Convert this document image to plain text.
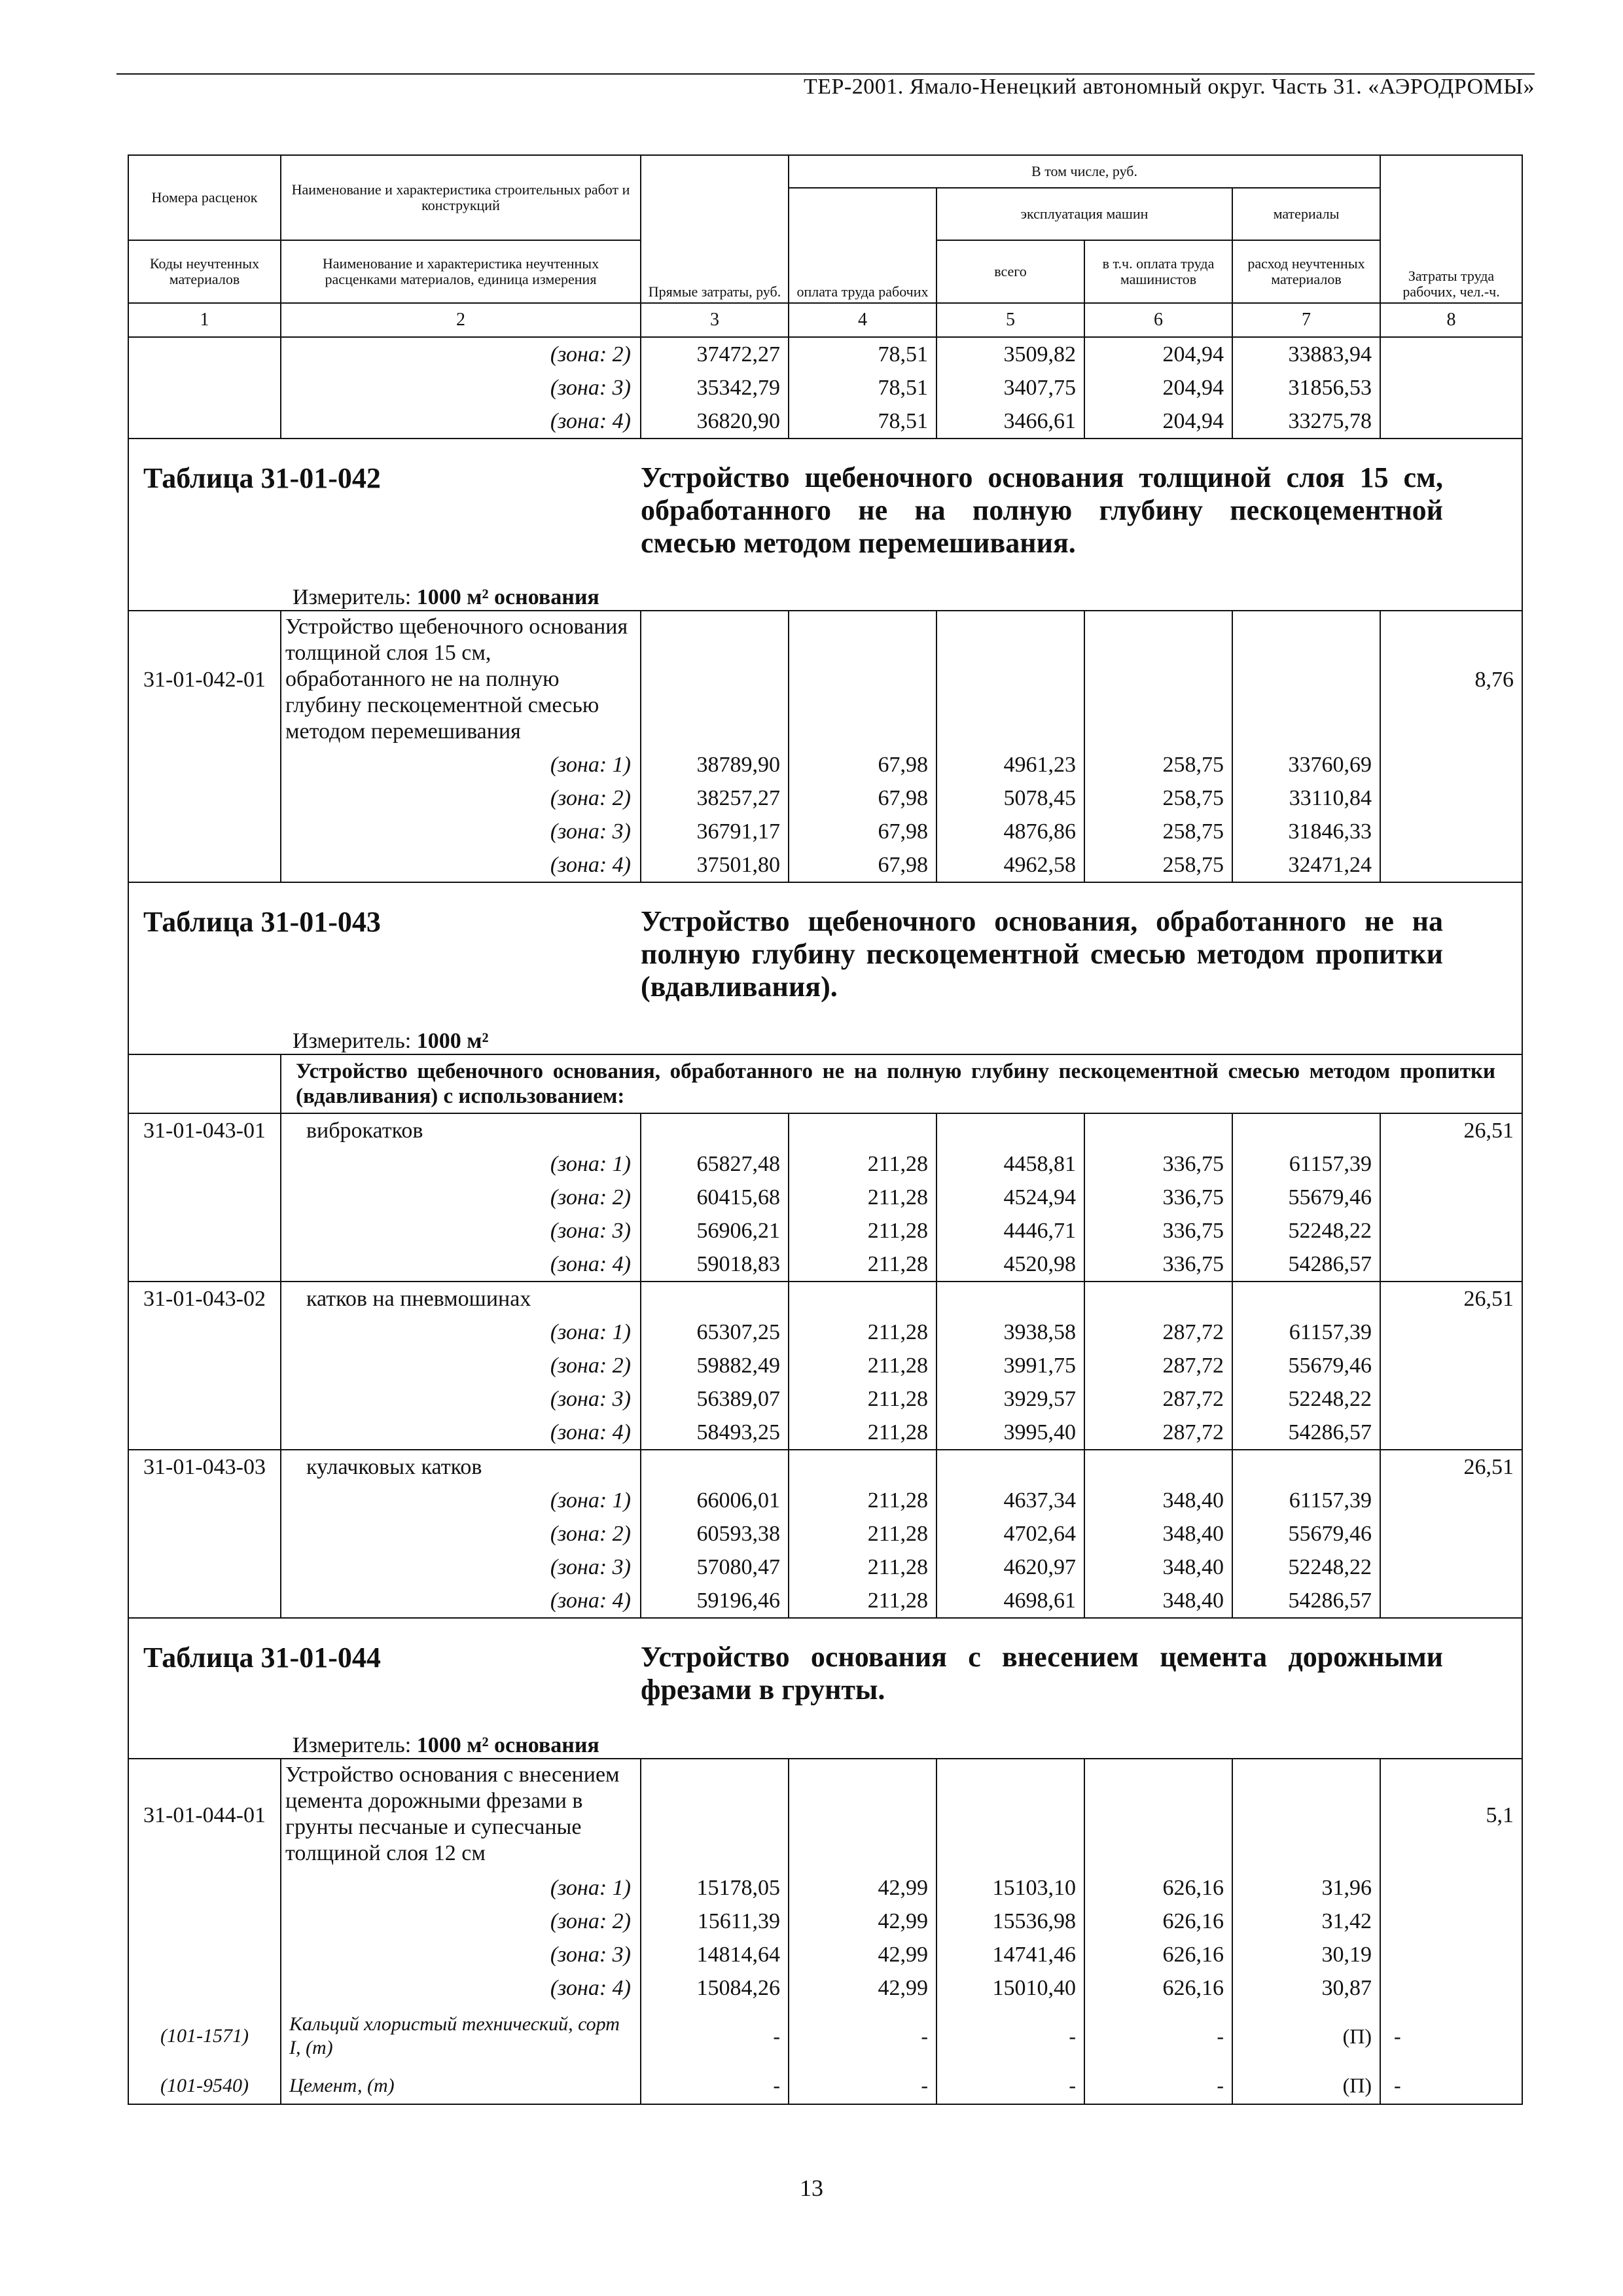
ТЕР-2001. Ямало-Ненецкий автономный округ. Часть 31. «АЭРОДРОМЫ»
Номера расценок	Наименование и характеристика строительных работ и конструкций	Прямые затраты, руб.	В том числе, руб.				Затраты труда рабочих, чел.-ч.
			оплата труда рабочих	эксплуатация машин		материалы	
Коды неучтенных материалов	Наименование и характеристика неучтенных расценками материалов, единица измерения			всего	в т.ч. оплата труда машинистов	расход неучтенных материалов	
1	2	3	4	5	6	7	8
	(зона: 2)	37472,27	78,51	3509,82	204,94	33883,94	
	(зона: 3)	35342,79	78,51	3407,75	204,94	31856,53	
	(зона: 4)	36820,90	78,51	3466,61	204,94	33275,78	
Таблица 31-01-042
Измеритель: 1000 м² основания		Устройство щебеночного основания толщиной слоя 15 см, обработанного не на полную глубину пескоцементной смесью методом перемешивания.					
31-01-042-01	Устройство щебеночного основания толщиной слоя 15 см, обработанного не на полную глубину пескоцементной смесью методом перемешивания						8,76
	(зона: 1)	38789,90	67,98	4961,23	258,75	33760,69	
	(зона: 2)	38257,27	67,98	5078,45	258,75	33110,84	
	(зона: 3)	36791,17	67,98	4876,86	258,75	31846,33	
	(зона: 4)	37501,80	67,98	4962,58	258,75	32471,24	
Таблица 31-01-043
Измеритель: 1000 м²		Устройство щебеночного основания, обработанного не на полную глубину пескоцементной смесью методом пропитки (вдавливания).					
	Устройство щебеночного основания, обработанного не на полную глубину пескоцементной смесью методом пропитки (вдавливания) с использованием:						
31-01-043-01	виброкатков						26,51
	(зона: 1)	65827,48	211,28	4458,81	336,75	61157,39	
	(зона: 2)	60415,68	211,28	4524,94	336,75	55679,46	
	(зона: 3)	56906,21	211,28	4446,71	336,75	52248,22	
	(зона: 4)	59018,83	211,28	4520,98	336,75	54286,57	
31-01-043-02	катков на пневмошинах						26,51
	(зона: 1)	65307,25	211,28	3938,58	287,72	61157,39	
	(зона: 2)	59882,49	211,28	3991,75	287,72	55679,46	
	(зона: 3)	56389,07	211,28	3929,57	287,72	52248,22	
	(зона: 4)	58493,25	211,28	3995,40	287,72	54286,57	
31-01-043-03	кулачковых катков						26,51
	(зона: 1)	66006,01	211,28	4637,34	348,40	61157,39	
	(зона: 2)	60593,38	211,28	4702,64	348,40	55679,46	
	(зона: 3)	57080,47	211,28	4620,97	348,40	52248,22	
	(зона: 4)	59196,46	211,28	4698,61	348,40	54286,57	
Таблица 31-01-044
Измеритель: 1000 м² основания		Устройство основания с внесением цемента дорожными фрезами в грунты.					
31-01-044-01	Устройство основания с внесением цемента дорожными фрезами в грунты песчаные и супесчаные толщиной слоя 12 см						5,1
	(зона: 1)	15178,05	42,99	15103,10	626,16	31,96	
	(зона: 2)	15611,39	42,99	15536,98	626,16	31,42	
	(зона: 3)	14814,64	42,99	14741,46	626,16	30,19	
	(зона: 4)	15084,26	42,99	15010,40	626,16	30,87	
(101-1571)	Кальций хлористый технический, сорт I, (т)	-	-	-	-	(П)	-
(101-9540)	Цемент, (т)	-	-	-	-	(П)	-
13
